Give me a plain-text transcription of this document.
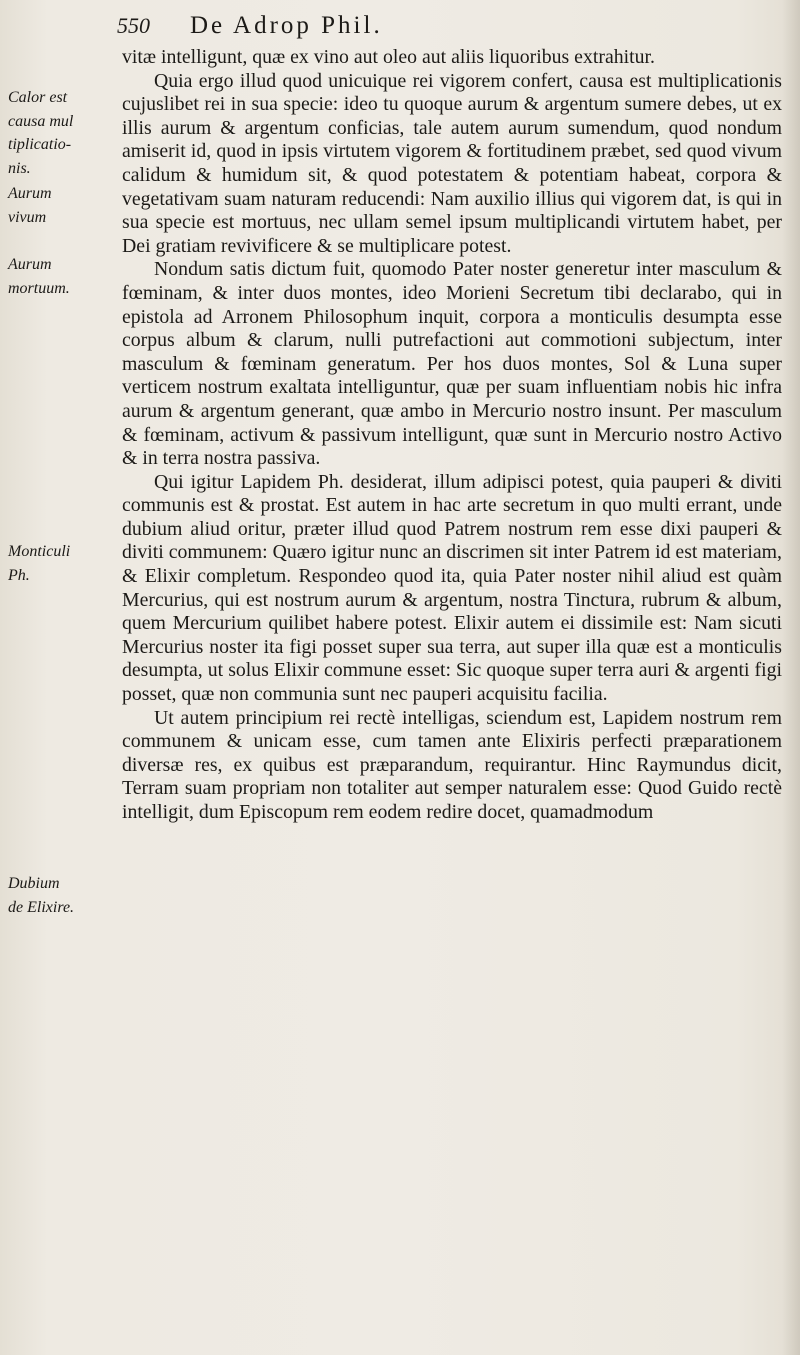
550 De Adrop Phil.
Calor est
causa mul
tiplicatio-
nis.
Aurum
vivum
Aurum
mortuum.
Monticuli
Ph.
Dubium
de Elixire.

vitæ intelligunt, quæ ex vino aut oleo aut aliis liquoribus extrahitur.

Quia ergo illud quod unicuique rei vigorem confert, causa est multiplicationis cujuslibet rei in sua specie: ideo tu quoque aurum & argentum sumere debes, ut ex illis aurum & argentum conficias, tale autem aurum sumendum, quod nondum amiserit id, quod in ipsis virtutem vigorem & fortitudinem præbet, sed quod vivum calidum & humidum sit, & quod potestatem & potentiam habeat, corpora & vegetativam suam naturam reducendi: Nam auxilio illius qui vigorem dat, is qui in sua specie est mortuus, nec ullam semel ipsum multiplicandi virtutem habet, per Dei gratiam revivificere & se multiplicare potest.

Nondum satis dictum fuit, quomodo Pater noster generetur inter masculum & fœminam, & inter duos montes, ideo Morieni Secretum tibi declarabo, qui in epistola ad Arronem Philosophum inquit, corpora a monticulis desumpta esse corpus album & clarum, nulli putrefactioni aut commotioni subjectum, inter masculum & fœminam generatum. Per hos duos montes, Sol & Luna super verticem nostrum exaltata intelliguntur, quæ per suam influentiam nobis hic infra aurum & argentum generant, quæ ambo in Mercurio nostro insunt. Per masculum & fœminam, activum & passivum intelligunt, quæ sunt in Mercurio nostro Activo & in terra nostra passiva.

Qui igitur Lapidem Ph. desiderat, illum adipisci potest, quia pauperi & diviti communis est & prostat. Est autem in hac arte secretum in quo multi errant, unde dubium aliud oritur, præter illud quod Patrem nostrum rem esse dixi pauperi & diviti communem: Quæro igitur nunc an discrimen sit inter Patrem id est materiam, & Elixir completum. Respondeo quod ita, quia Pater noster nihil aliud est quàm Mercurius, qui est nostrum aurum & argentum, nostra Tinctura, rubrum & album, quem Mercurium quilibet habere potest. Elixir autem ei dissimile est: Nam sicuti Mercurius noster ita figi posset super sua terra, aut super illa quæ est a monticulis desumpta, ut solus Elixir commune esset: Sic quoque super terra auri & argenti figi posset, quæ non communia sunt nec pauperi acquisitu facilia.

Ut autem principium rei rectè intelligas, sciendum est, Lapidem nostrum rem communem & unicam esse, cum tamen ante Elixiris perfecti præparationem diversæ res, ex quibus est præparandum, requirantur. Hinc Raymundus dicit, Terram suam propriam non totaliter aut semper naturalem esse: Quod Guido rectè intelligit, dum Episcopum rem eodem redire docet, quamadmodum
